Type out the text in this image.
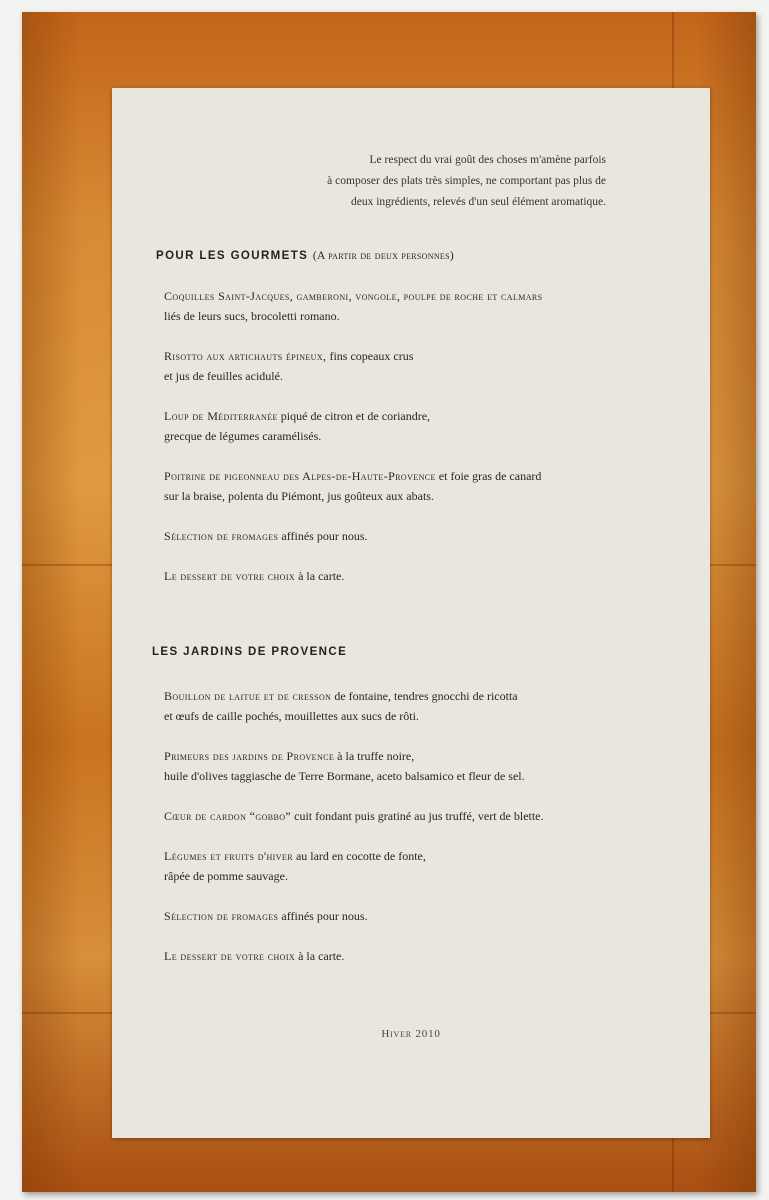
Le respect du vrai goût des choses m'amène parfois
à composer des plats très simples, ne comportant pas plus de
deux ingrédients, relevés d'un seul élément aromatique.
POUR LES GOURMETS (A partir de deux personnes)
Coquilles Saint-Jacques, gamberoni, vongole, poulpe de roche et calmars
liés de leurs sucs, brocoletti romano.
Risotto aux artichauts épineux, fins copeaux crus
et jus de feuilles acidulé.
Loup de Méditerranée piqué de citron et de coriandre,
grecque de légumes caramélisés.
Poitrine de pigeonneau des Alpes-de-Haute-Provence et foie gras de canard
sur la braise, polenta du Piémont, jus goûteux aux abats.
Sélection de fromages affinés pour nous.
Le dessert de votre choix à la carte.
LES JARDINS DE PROVENCE
Bouillon de laitue et de cresson de fontaine, tendres gnocchi de ricotta
et œufs de caille pochés, mouillettes aux sucs de rôti.
Primeurs des jardins de Provence à la truffe noire,
huile d'olives taggiasche de Terre Bormane, aceto balsamico et fleur de sel.
Cœur de cardon “gobbo” cuit fondant puis gratiné au jus truffé, vert de blette.
Légumes et fruits d'hiver au lard en cocotte de fonte,
râpée de pomme sauvage.
Sélection de fromages affinés pour nous.
Le dessert de votre choix à la carte.
Hiver 2010
